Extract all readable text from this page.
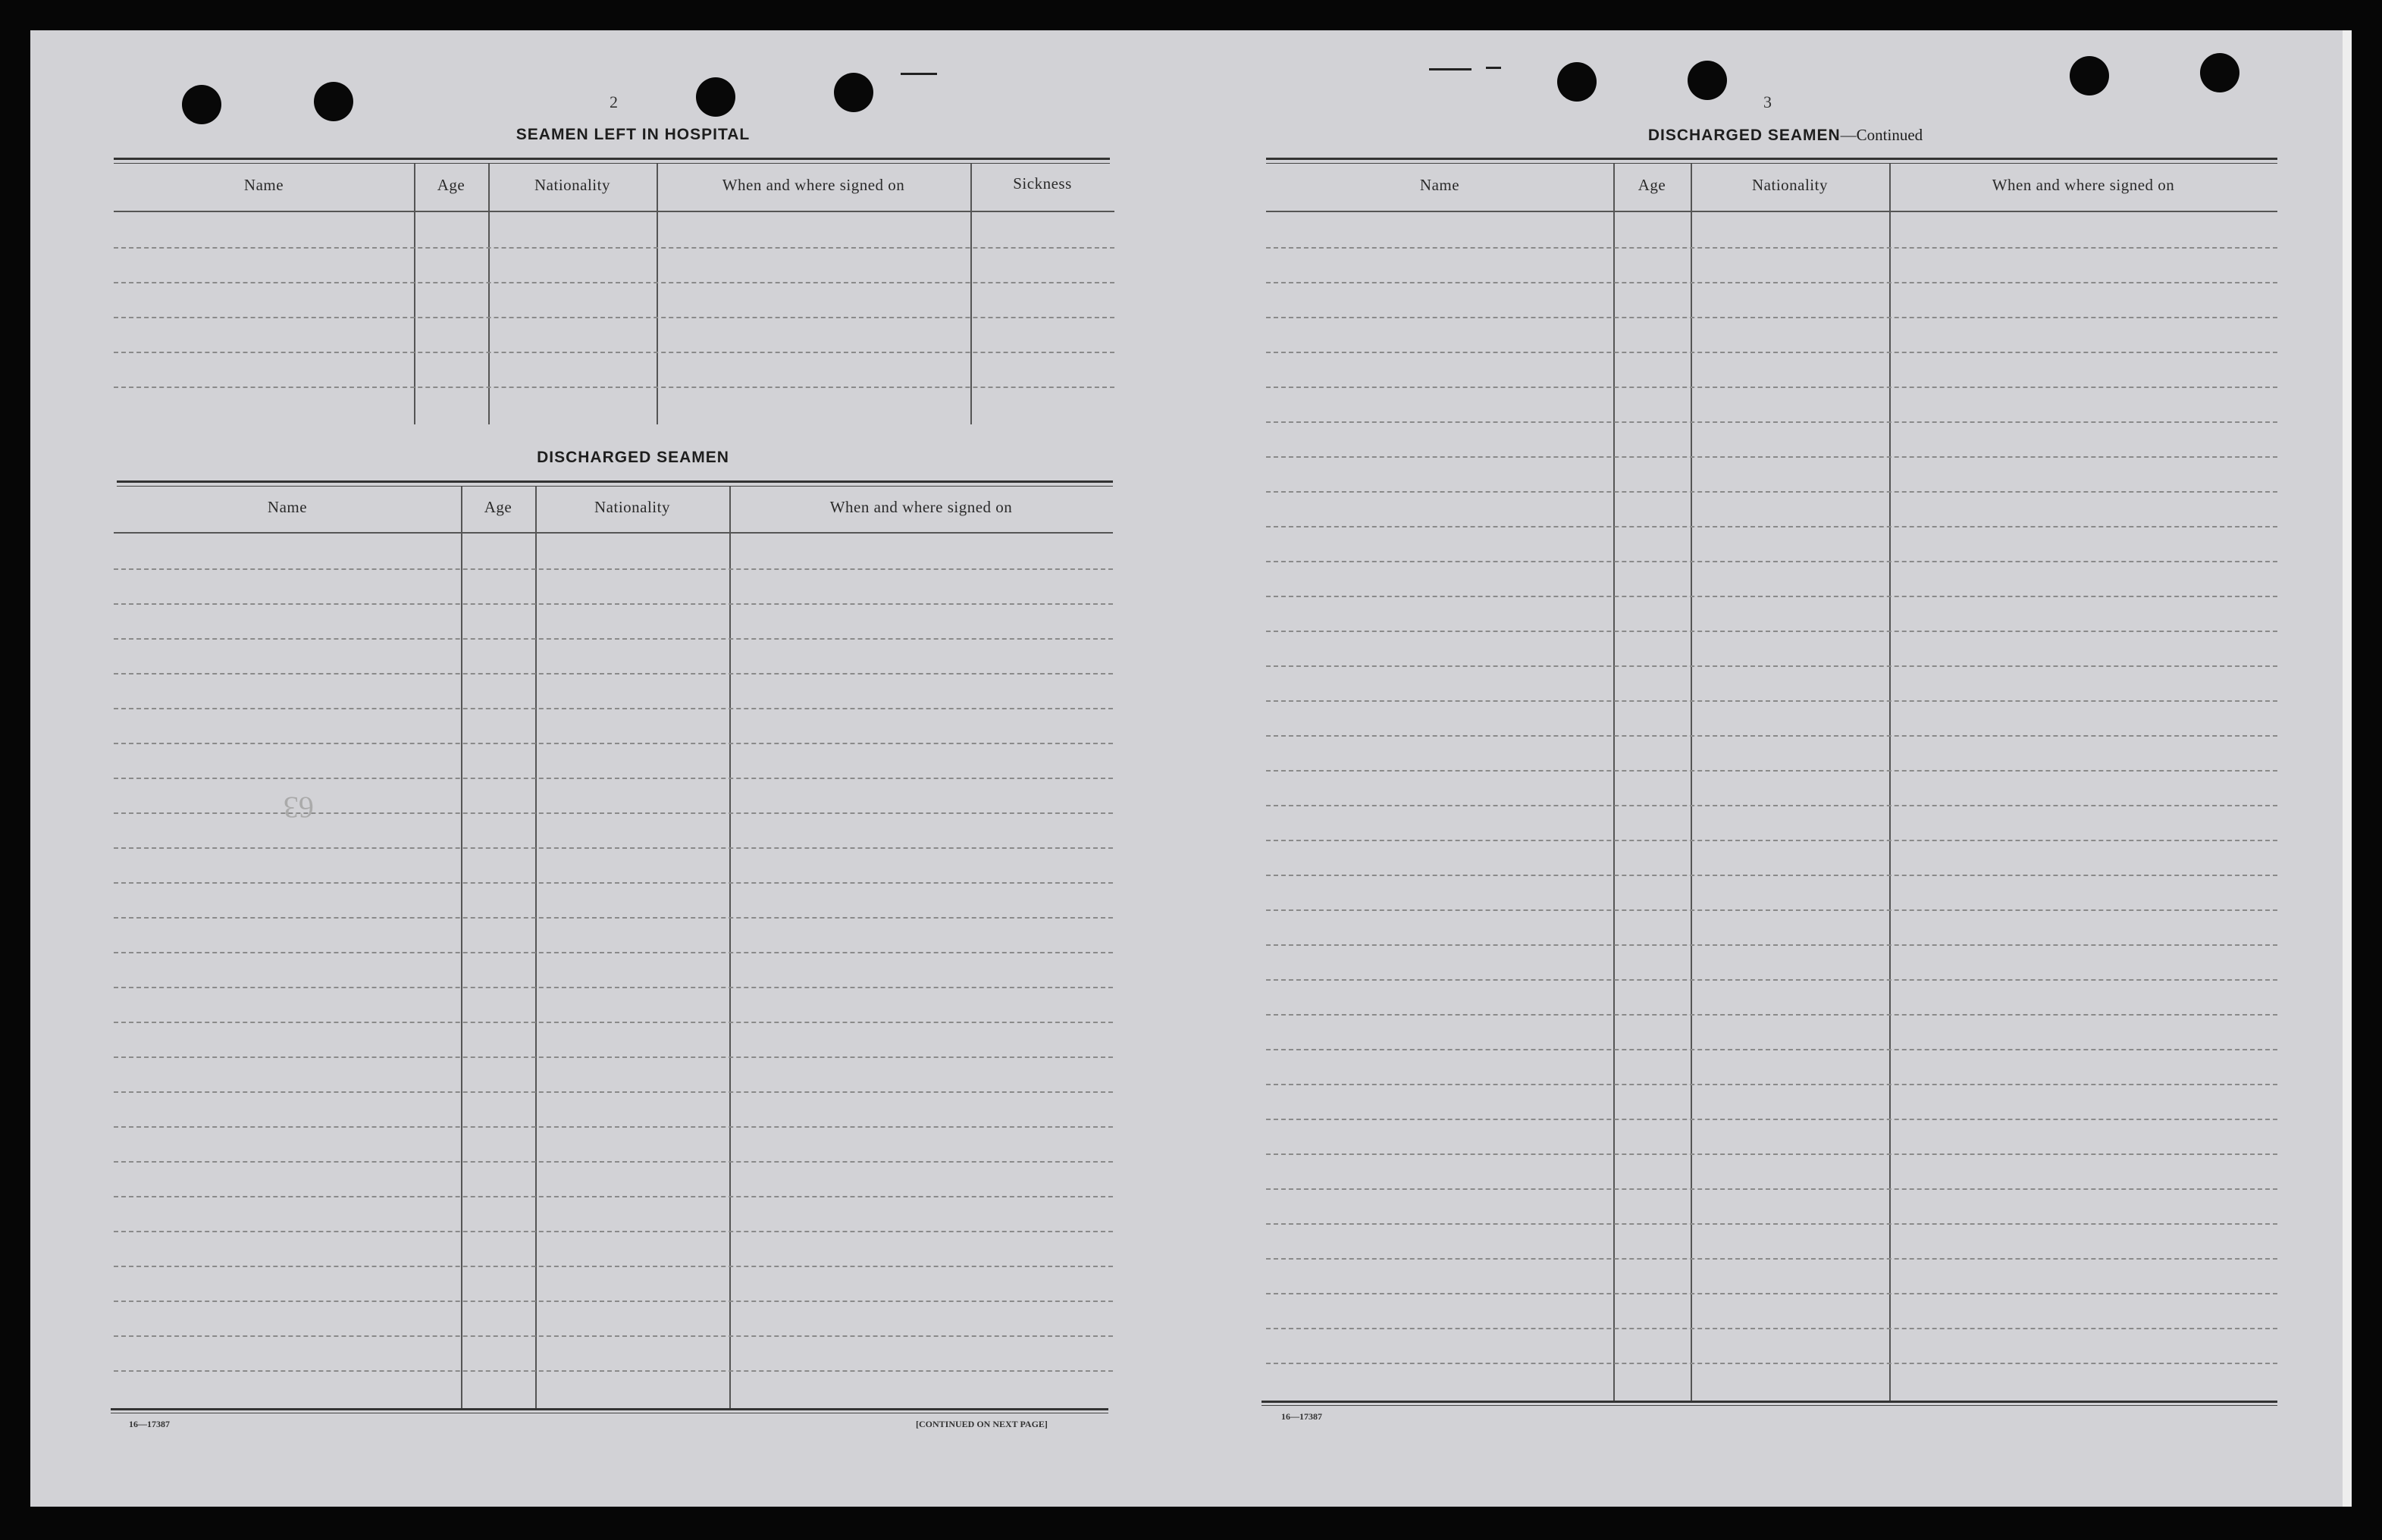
2
SEAMEN LEFT IN HOSPITAL
Name	Age	Nationality	When and where signed on	Sickness
DISCHARGED SEAMEN
Name	Age	Nationality	When and where signed on
63
16—17387	[CONTINUED ON NEXT PAGE]
3
DISCHARGED SEAMEN—Continued
Name	Age	Nationality	When and where signed on
16—17387
